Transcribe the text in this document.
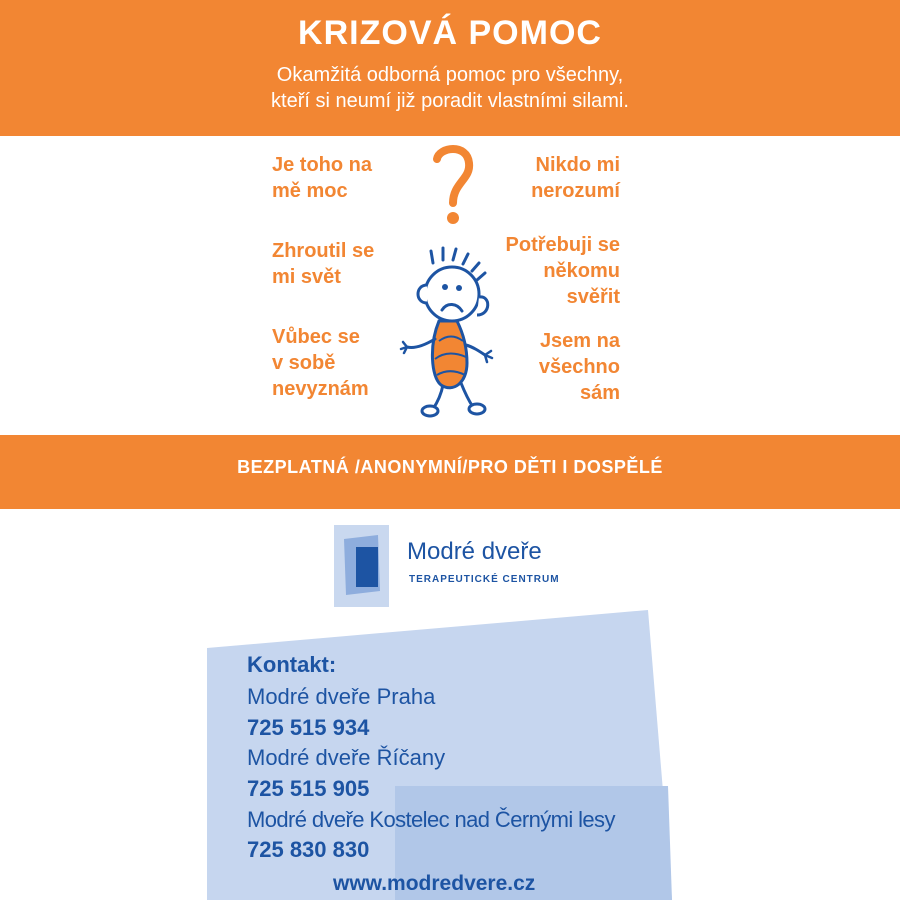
KRIZOVÁ POMOC
Okamžitá odborná pomoc pro všechny,
kteří si neumí již poradit vlastními silami.
Je toho na
mě moc
Zhroutil se
mi svět
Vůbec se
v sobě
nevyznám
Nikdo mi
nerozumí
Potřebuji se
někomu
svěřit
Jsem na
všechno
sám
BEZPLATNÁ /ANONYMNÍ/PRO DĚTI I DOSPĚLÉ
Modré dveře
TERAPEUTICKÉ CENTRUM
Kontakt:
Modré dveře Praha
725 515 934
Modré dveře Říčany
725 515 905
Modré dveře Kostelec nad Černými lesy
725 830 830
www.modredvere.cz
